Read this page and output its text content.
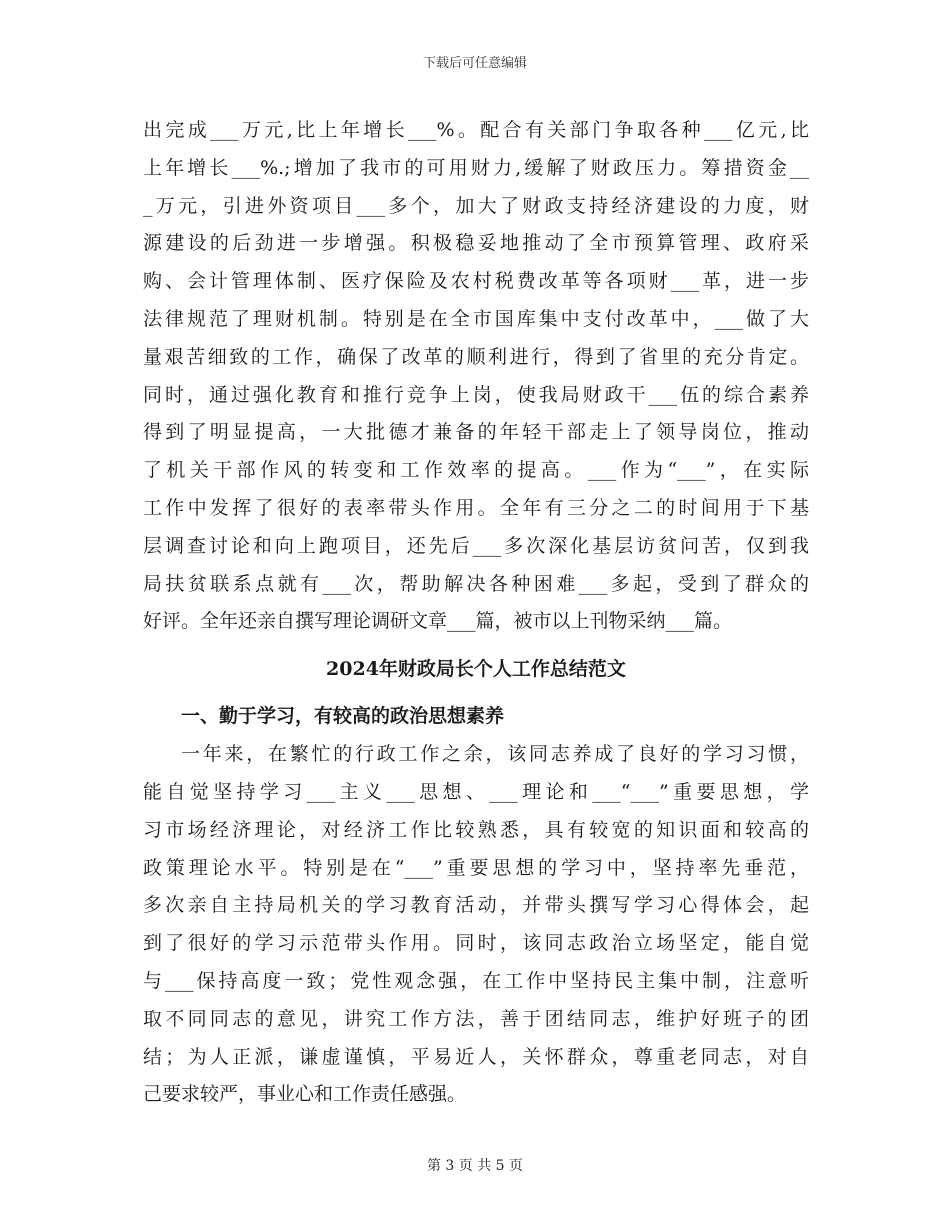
下载后可任意编辑
出完成___万元,比上年增长___%。配合有关部门争取各种___亿元,比
上年增长___%.;增加了我市的可用财力,缓解了财政压力。筹措资金__
_万元，引进外资项目___多个，加大了财政支持经济建设的力度，财
源建设的后劲进一步增强。积极稳妥地推动了全市预算管理、政府采
购、会计管理体制、医疗保险及农村税费改革等各项财___革，进一步
法律规范了理财机制。特别是在全市国库集中支付改革中，___做了大
量艰苦细致的工作，确保了改革的顺利进行，得到了省里的充分肯定。
同时，通过强化教育和推行竞争上岗，使我局财政干___伍的综合素养
得到了明显提高，一大批德才兼备的年轻干部走上了领导岗位，推动
了机关干部作风的转变和工作效率的提高。___作为“___”，在实际
工作中发挥了很好的表率带头作用。全年有三分之二的时间用于下基
层调查讨论和向上跑项目，还先后___多次深化基层访贫问苦，仅到我
局扶贫联系点就有___次，帮助解决各种困难___多起，受到了群众的
好评。全年还亲自撰写理论调研文章___篇，被市以上刊物采纳___篇。
2024年财政局长个人工作总结范文
一、勤于学习，有较高的政治思想素养
一年来，在繁忙的行政工作之余，该同志养成了良好的学习习惯，
能自觉坚持学习___主义___思想、___理论和___“___”重要思想，学
习市场经济理论，对经济工作比较熟悉，具有较宽的知识面和较高的
政策理论水平。特别是在“___”重要思想的学习中，坚持率先垂范，
多次亲自主持局机关的学习教育活动，并带头撰写学习心得体会，起
到了很好的学习示范带头作用。同时，该同志政治立场坚定，能自觉
与___保持高度一致；党性观念强，在工作中坚持民主集中制，注意听
取不同同志的意见，讲究工作方法，善于团结同志，维护好班子的团
结；为人正派，谦虚谨慎，平易近人，关怀群众，尊重老同志，对自
己要求较严，事业心和工作责任感强。
第 3 页 共 5 页
